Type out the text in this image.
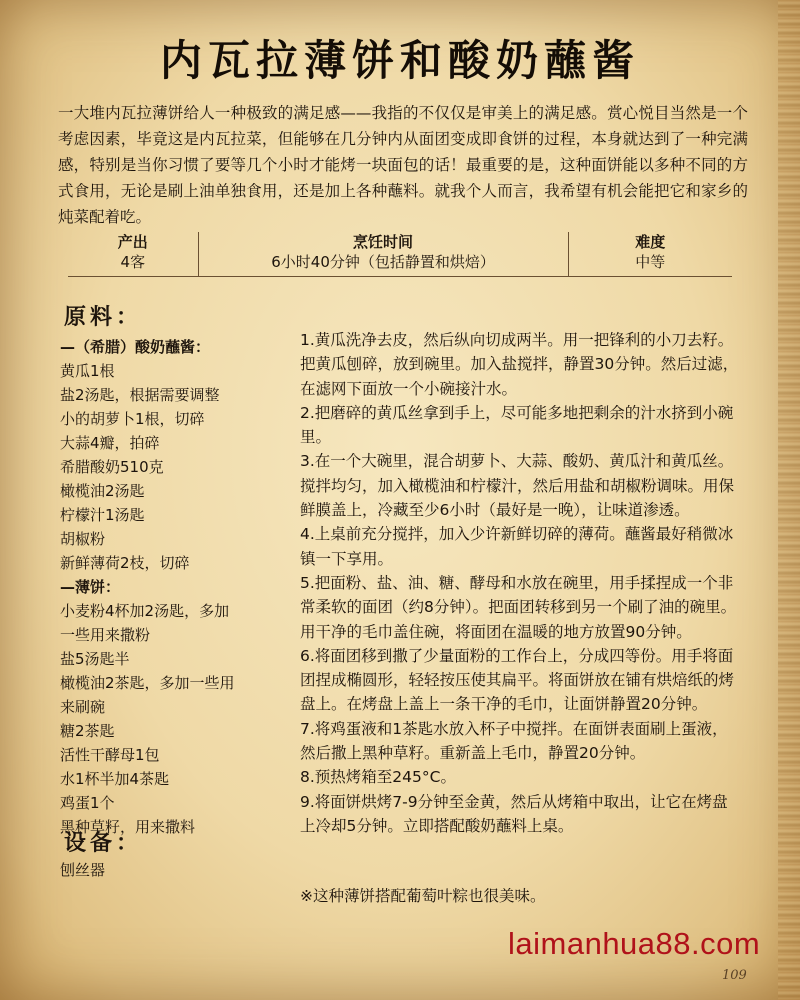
内瓦拉薄饼和酸奶蘸酱

一大堆内瓦拉薄饼给人一种极致的满足感——我指的不仅仅是审美上的满足感。赏心悦目当然是一个考虑因素，毕竟这是内瓦拉菜，但能够在几分钟内从面团变成即食饼的过程，本身就达到了一种完满感，特别是当你习惯了要等几个小时才能烤一块面包的话！最重要的是，这种面饼能以多种不同的方式食用，无论是刷上油单独食用，还是加上各种蘸料。就我个人而言，我希望有机会能把它和家乡的炖菜配着吃。

产出
4客
烹饪时间
6小时40分钟（包括静置和烘焙）
难度
中等
原料：
—（希腊）酸奶蘸酱：
黄瓜1根
盐2汤匙，根据需要调整
小的胡萝卜1根，切碎
大蒜4瓣，拍碎
希腊酸奶510克
橄榄油2汤匙
柠檬汁1汤匙
胡椒粉
新鲜薄荷2枝，切碎
—薄饼：
小麦粉4杯加2汤匙，多加
一些用来撒粉
盐5汤匙半
橄榄油2茶匙，多加一些用
来刷碗
糖2茶匙
活性干酵母1包
水1杯半加4茶匙
鸡蛋1个
黑种草籽，用来撒料
设备：
刨丝器
1.黄瓜洗净去皮，然后纵向切成两半。用一把锋利的小刀去籽。把黄瓜刨碎，放到碗里。加入盐搅拌，静置30分钟。然后过滤，在滤网下面放一个小碗接汁水。
2.把磨碎的黄瓜丝拿到手上，尽可能多地把剩余的汁水挤到小碗里。
3.在一个大碗里，混合胡萝卜、大蒜、酸奶、黄瓜汁和黄瓜丝。搅拌均匀，加入橄榄油和柠檬汁，然后用盐和胡椒粉调味。用保鲜膜盖上，冷藏至少6小时（最好是一晚），让味道渗透。
4.上桌前充分搅拌，加入少许新鲜切碎的薄荷。蘸酱最好稍微冰镇一下享用。
5.把面粉、盐、油、糖、酵母和水放在碗里，用手揉捏成一个非常柔软的面团（约8分钟）。把面团转移到另一个刷了油的碗里。用干净的毛巾盖住碗，将面团在温暖的地方放置90分钟。
6.将面团移到撒了少量面粉的工作台上，分成四等份。用手将面团捏成椭圆形，轻轻按压使其扁平。将面饼放在铺有烘焙纸的烤盘上。在烤盘上盖上一条干净的毛巾，让面饼静置20分钟。
7.将鸡蛋液和1茶匙水放入杯子中搅拌。在面饼表面刷上蛋液，然后撒上黑种草籽。重新盖上毛巾，静置20分钟。
8.预热烤箱至245°C。
9.将面饼烘烤7-9分钟至金黄，然后从烤箱中取出，让它在烤盘上冷却5分钟。立即搭配酸奶蘸料上桌。
※这种薄饼搭配葡萄叶粽也很美味。
laimanhua88.com
109
